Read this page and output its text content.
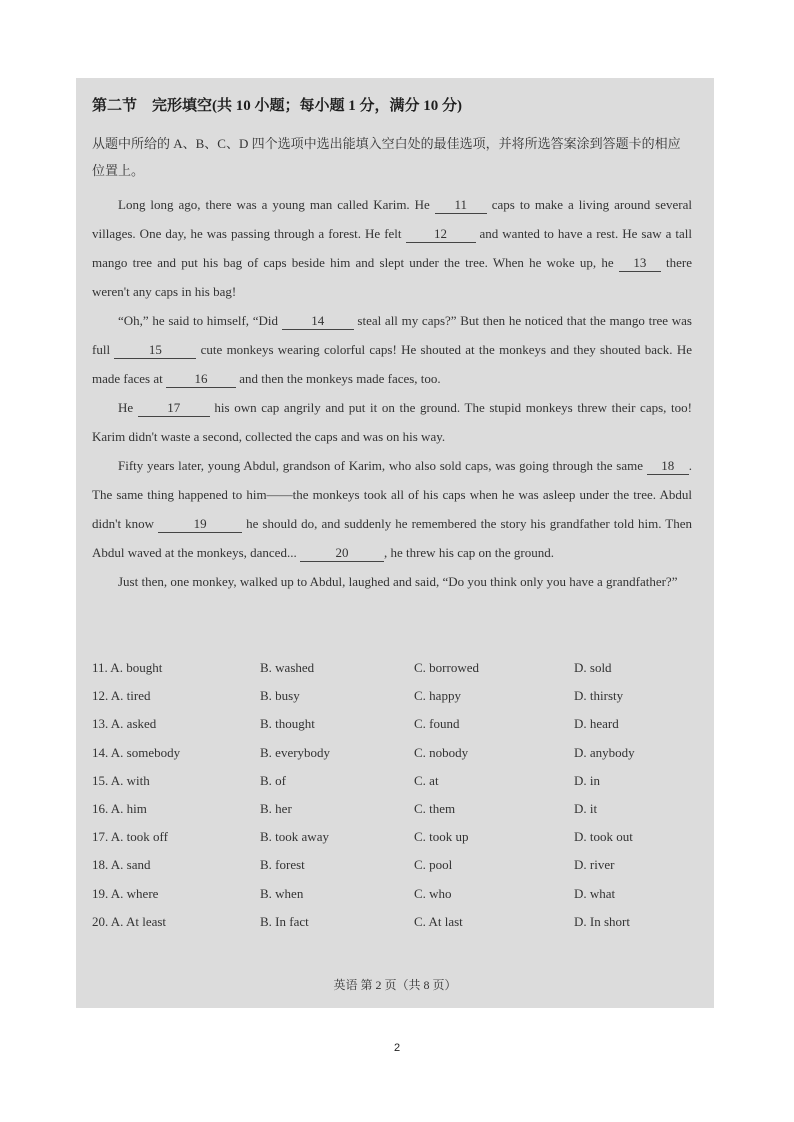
第二节　完形填空(共 10 小题；每小题 1 分，满分 10 分)
从题中所给的 A、B、C、D 四个选项中选出能填入空白处的最佳选项，并将所选答案涂到答题卡的相应位置上。

Long long ago, there was a young man called Karim. He 11 caps to make a living around several villages. One day, he was passing through a forest. He felt 12 and wanted to have a rest. He saw a tall mango tree and put his bag of caps beside him and slept under the tree. When he woke up, he 13 there weren't any caps in his bag!

“Oh,” he said to himself, “Did 14 steal all my caps?” But then he noticed that the mango tree was full	15	cute monkeys wearing colorful caps! He shouted at the monkeys and they shouted back. He made faces at 16 and then the monkeys made faces, too.

He 17 his own cap angrily and put it on the ground. The stupid monkeys threw their caps, too! Karim didn't waste a second, collected the caps and was on his way.

Fifty years later, young Abdul, grandson of Karim, who also sold caps, was going through the same 18 . The same thing happened to him——the monkeys took all of his caps when he was asleep under the tree. Abdul didn't know	19	he should do, and suddenly he remembered the story his grandfather told him. Then Abdul waved at the monkeys, danced...	20	, he threw his cap on the ground.

Just then, one monkey, walked up to Abdul, laughed and said, “Do you think only you have a grandfather?”

11. A. bought	B. washed	C. borrowed	D. sold
12. A. tired	B. busy	C. happy	D. thirsty
13. A. asked	B. thought	C. found	D. heard
14. A. somebody	B. everybody	C. nobody	D. anybody
15. A. with	B. of	C. at	D. in
16. A. him	B. her	C. them	D. it
17. A. took off	B. took away	C. took up	D. took out
18. A. sand	B. forest	C. pool	D. river
19. A. where	B. when	C. who	D. what
20. A. At least	B. In fact	C. At last	D. In short
英语 第 2 页（共 8 页）
2
